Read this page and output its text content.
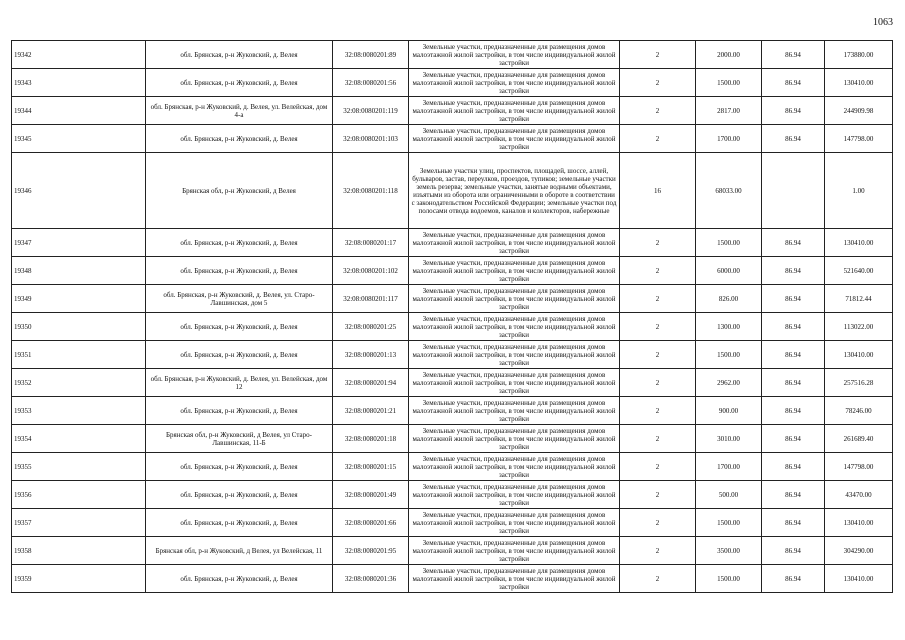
1063
19342	обл. Брянская, р-н Жуковский, д. Велея	32:08:0080201:89	Земельные участки, предназначенные для размещения домов малоэтажной жилой застройки, в том числе индивидуальной жилой застройки	2	2000.00	86.94	173880.00
19343	обл. Брянская, р-н Жуковский, д. Велея	32:08:0080201:56	Земельные участки, предназначенные для размещения домов малоэтажной жилой застройки, в том числе индивидуальной жилой застройки	2	1500.00	86.94	130410.00
19344	обл. Брянская, р-н Жуковский, д. Велея, ул. Велейская, дом 4-а	32:08:0080201:119	Земельные участки, предназначенные для размещения домов малоэтажной жилой застройки, в том числе индивидуальной жилой застройки	2	2817.00	86.94	244909.98
19345	обл. Брянская, р-н Жуковский, д. Велея	32:08:0080201:103	Земельные участки, предназначенные для размещения домов малоэтажной жилой застройки, в том числе индивидуальной жилой застройки	2	1700.00	86.94	147798.00
19346	Брянская обл, р-н Жуковский, д Велея	32:08:0080201:118	Земельные участки улиц, проспектов, площадей, шоссе, аллей, бульваров, застав, переулков, проездов, тупиков; земельные участки земель резерва; земельные участки, занятые водными объектами, изъятыми из оборота или ограниченными в обороте в соответствии с законодательством Российской Федерации; земельные участки под полосами отвода водоемов, каналов и коллекторов, набережные	16	68033.00		1.00
19347	обл. Брянская, р-н Жуковский, д. Велея	32:08:0080201:17	Земельные участки, предназначенные для размещения домов малоэтажной жилой застройки, в том числе индивидуальной жилой застройки	2	1500.00	86.94	130410.00
19348	обл. Брянская, р-н Жуковский, д. Велея	32:08:0080201:102	Земельные участки, предназначенные для размещения домов малоэтажной жилой застройки, в том числе индивидуальной жилой застройки	2	6000.00	86.94	521640.00
19349	обл. Брянская, р-н Жуковский, д. Велея, ул. Старо-Лавшинская, дом 5	32:08:0080201:117	Земельные участки, предназначенные для размещения домов малоэтажной жилой застройки, в том числе индивидуальной жилой застройки	2	826.00	86.94	71812.44
19350	обл. Брянская, р-н Жуковский, д. Велея	32:08:0080201:25	Земельные участки, предназначенные для размещения домов малоэтажной жилой застройки, в том числе индивидуальной жилой застройки	2	1300.00	86.94	113022.00
19351	обл. Брянская, р-н Жуковский, д. Велея	32:08:0080201:13	Земельные участки, предназначенные для размещения домов малоэтажной жилой застройки, в том числе индивидуальной жилой застройки	2	1500.00	86.94	130410.00
19352	обл. Брянская, р-н Жуковский, д. Велея, ул. Велейская, дом 12	32:08:0080201:94	Земельные участки, предназначенные для размещения домов малоэтажной жилой застройки, в том числе индивидуальной жилой застройки	2	2962.00	86.94	257516.28
19353	обл. Брянская, р-н Жуковский, д. Велея	32:08:0080201:21	Земельные участки, предназначенные для размещения домов малоэтажной жилой застройки, в том числе индивидуальной жилой застройки	2	900.00	86.94	78246.00
19354	Брянская обл, р-н Жуковский, д Велея, ул Старо-Лавшинская, 11-Б	32:08:0080201:18	Земельные участки, предназначенные для размещения домов малоэтажной жилой застройки, в том числе индивидуальной жилой застройки	2	3010.00	86.94	261689.40
19355	обл. Брянская, р-н Жуковский, д. Велея	32:08:0080201:15	Земельные участки, предназначенные для размещения домов малоэтажной жилой застройки, в том числе индивидуальной жилой застройки	2	1700.00	86.94	147798.00
19356	обл. Брянская, р-н Жуковский, д. Велея	32:08:0080201:49	Земельные участки, предназначенные для размещения домов малоэтажной жилой застройки, в том числе индивидуальной жилой застройки	2	500.00	86.94	43470.00
19357	обл. Брянская, р-н Жуковский, д. Велея	32:08:0080201:66	Земельные участки, предназначенные для размещения домов малоэтажной жилой застройки, в том числе индивидуальной жилой застройки	2	1500.00	86.94	130410.00
19358	Брянская обл, р-н Жуковский, д Велея, ул Велейская, 11	32:08:0080201:95	Земельные участки, предназначенные для размещения домов малоэтажной жилой застройки, в том числе индивидуальной жилой застройки	2	3500.00	86.94	304290.00
19359	обл. Брянская, р-н Жуковский, д. Велея	32:08:0080201:36	Земельные участки, предназначенные для размещения домов малоэтажной жилой застройки, в том числе индивидуальной жилой застройки	2	1500.00	86.94	130410.00
